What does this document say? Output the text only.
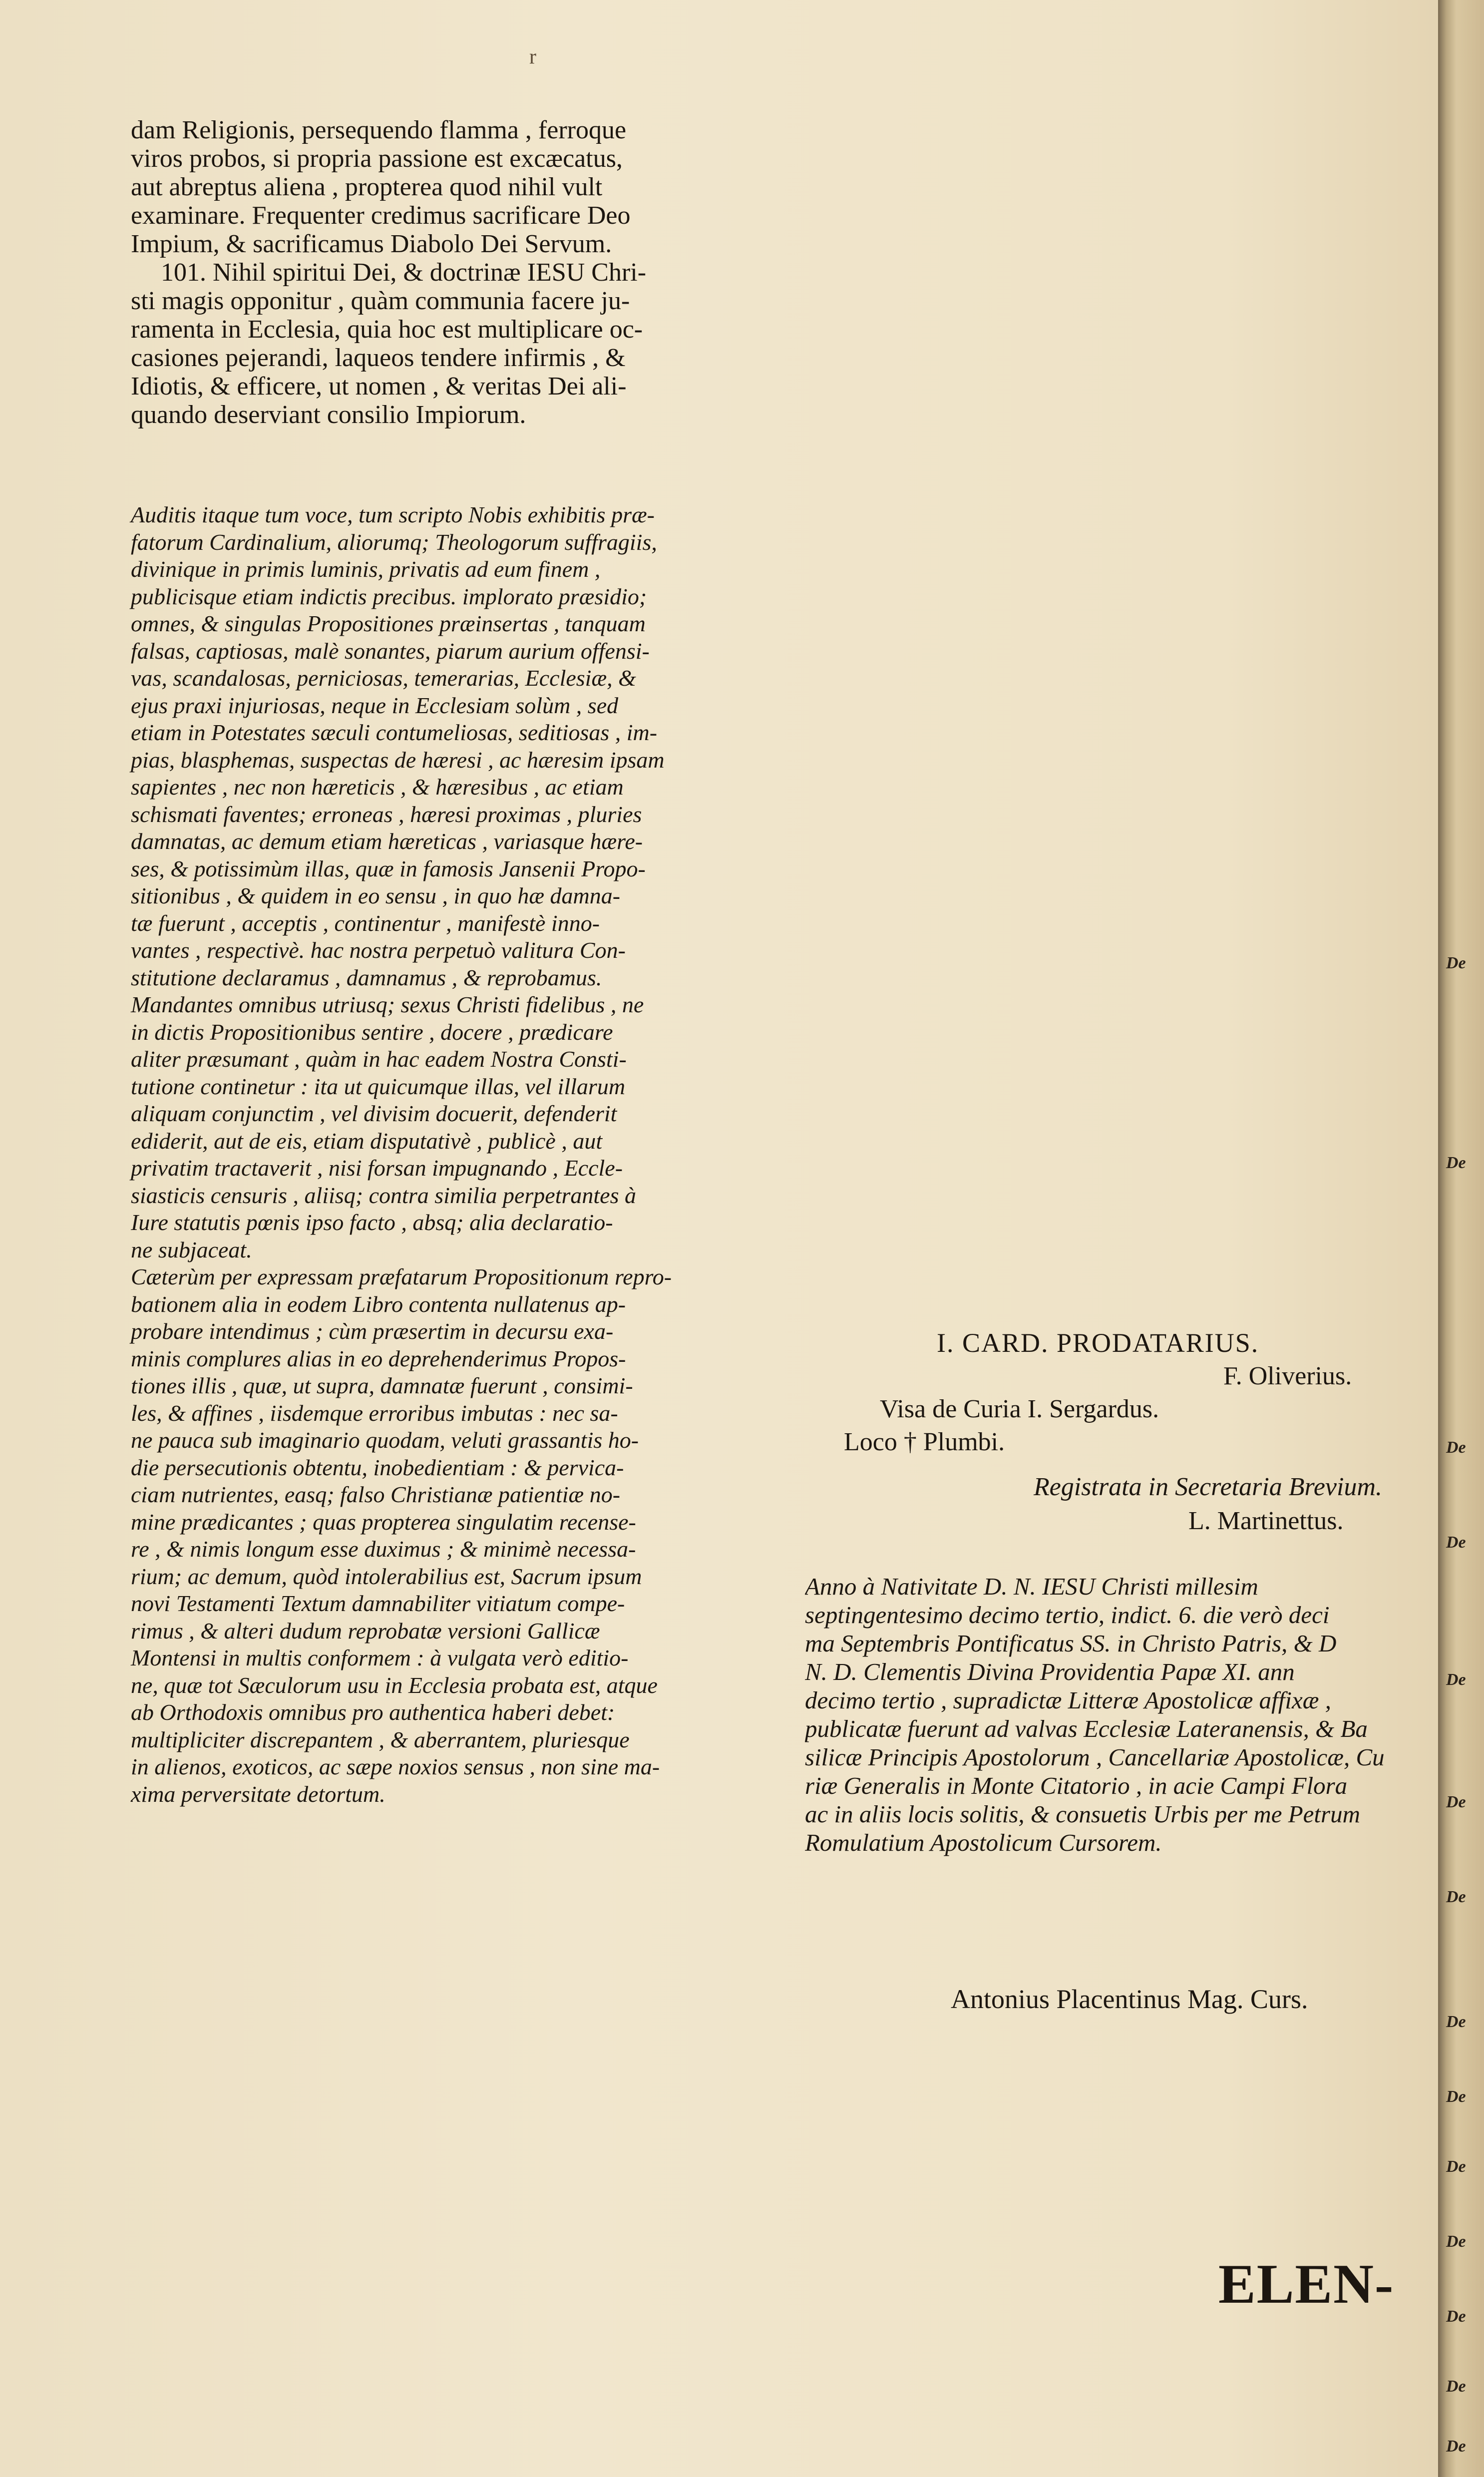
r
dam Religionis, persequendo flamma , ferroque
viros probos, si propria passione est excæcatus,
aut abreptus aliena , propterea quod nihil vult
examinare. Frequenter credimus sacrificare Deo
Impium, & sacrificamus Diabolo Dei Servum.
101. Nihil spiritui Dei, & doctrinæ IESU Chri-
sti magis opponitur , quàm communia facere ju-
ramenta in Ecclesia, quia hoc est multiplicare oc-
casiones pejerandi, laqueos tendere infirmis , &
Idiotis, & efficere, ut nomen , & veritas Dei ali-
quando deserviant consilio Impiorum.
Auditis itaque tum voce, tum scripto Nobis exhibitis præ-
fatorum Cardinalium, aliorumq; Theologorum suffragiis,
divinique in primis luminis, privatis ad eum finem ,
publicisque etiam indictis precibus. implorato præsidio;
omnes, & singulas Propositiones præinsertas , tanquam
falsas, captiosas, malè sonantes, piarum aurium offensi-
vas, scandalosas, perniciosas, temerarias, Ecclesiæ, &
ejus praxi injuriosas, neque in Ecclesiam solùm , sed
etiam in Potestates sæculi contumeliosas, seditiosas , im-
pias, blasphemas, suspectas de hæresi , ac hæresim ipsam
sapientes , nec non hæreticis , & hæresibus , ac etiam
schismati faventes; erroneas , hæresi proximas , pluries
damnatas, ac demum etiam hæreticas , variasque hære-
ses, & potissimùm illas, quæ in famosis Jansenii Propo-
sitionibus , & quidem in eo sensu , in quo hæ damna-
tæ fuerunt , acceptis , continentur , manifestè inno-
vantes , respectivè. hac nostra perpetuò valitura Con-
stitutione declaramus , damnamus , & reprobamus.
Mandantes omnibus utriusq; sexus Christi fidelibus , ne
in dictis Propositionibus sentire , docere , prædicare
aliter præsumant , quàm in hac eadem Nostra Consti-
tutione continetur : ita ut quicumque illas, vel illarum
aliquam conjunctim , vel divisim docuerit, defenderit
ediderit, aut de eis, etiam disputativè , publicè , aut
privatim tractaverit , nisi forsan impugnando , Eccle-
siasticis censuris , aliisq; contra similia perpetrantes à
Iure statutis pœnis ipso facto , absq; alia declaratio-
ne subjaceat.
Cæterùm per expressam præfatarum Propositionum repro-
bationem alia in eodem Libro contenta nullatenus ap-
probare intendimus ; cùm præsertim in decursu exa-
minis complures alias in eo deprehenderimus Propos-
tiones illis , quæ, ut supra, damnatæ fuerunt , consimi-
les, & affines , iisdemque erroribus imbutas : nec sa-
ne pauca sub imaginario quodam, veluti grassantis ho-
die persecutionis obtentu, inobedientiam : & pervica-
ciam nutrientes, easq; falso Christianæ patientiæ no-
mine prædicantes ; quas propterea singulatim recense-
re , & nimis longum esse duximus ; & minimè necessa-
rium; ac demum, quòd intolerabilius est, Sacrum ipsum
novi Testamenti Textum damnabiliter vitiatum compe-
rimus , & alteri dudum reprobatæ versioni Gallicæ
Montensi in multis conformem : à vulgata verò editio-
ne, quæ tot Sæculorum usu in Ecclesia probata est, atque
ab Orthodoxis omnibus pro authentica haberi debet:
multipliciter discrepantem , & aberrantem, pluriesque
in alienos, exoticos, ac sæpe noxios sensus , non sine ma-
xima perversitate detortum.
I. CARD. PRODATARIUS.
F. Oliverius.
Visa de Curia I. Sergardus.
Loco † Plumbi.
Registrata in Secretaria Brevium.
L. Martinettus.
Anno à Nativitate D. N. IESU Christi millesim
septingentesimo decimo tertio, indict. 6. die verò deci
ma Septembris Pontificatus SS. in Christo Patris, & D
N. D. Clementis Divina Providentia Papæ XI. ann
decimo tertio , supradictæ Litteræ Apostolicæ affixæ ,
publicatæ fuerunt ad valvas Ecclesiæ Lateranensis, & Ba
silicæ Principis Apostolorum , Cancellariæ Apostolicæ, Cu
riæ Generalis in Monte Citatorio , in acie Campi Flora
ac in aliis locis solitis, & consuetis Urbis per me Petrum
Romulatium Apostolicum Cursorem.
Antonius Placentinus Mag. Curs.
ELEN-
De
De
De
De
De
De
De
De
De
De
De
De
De
De
